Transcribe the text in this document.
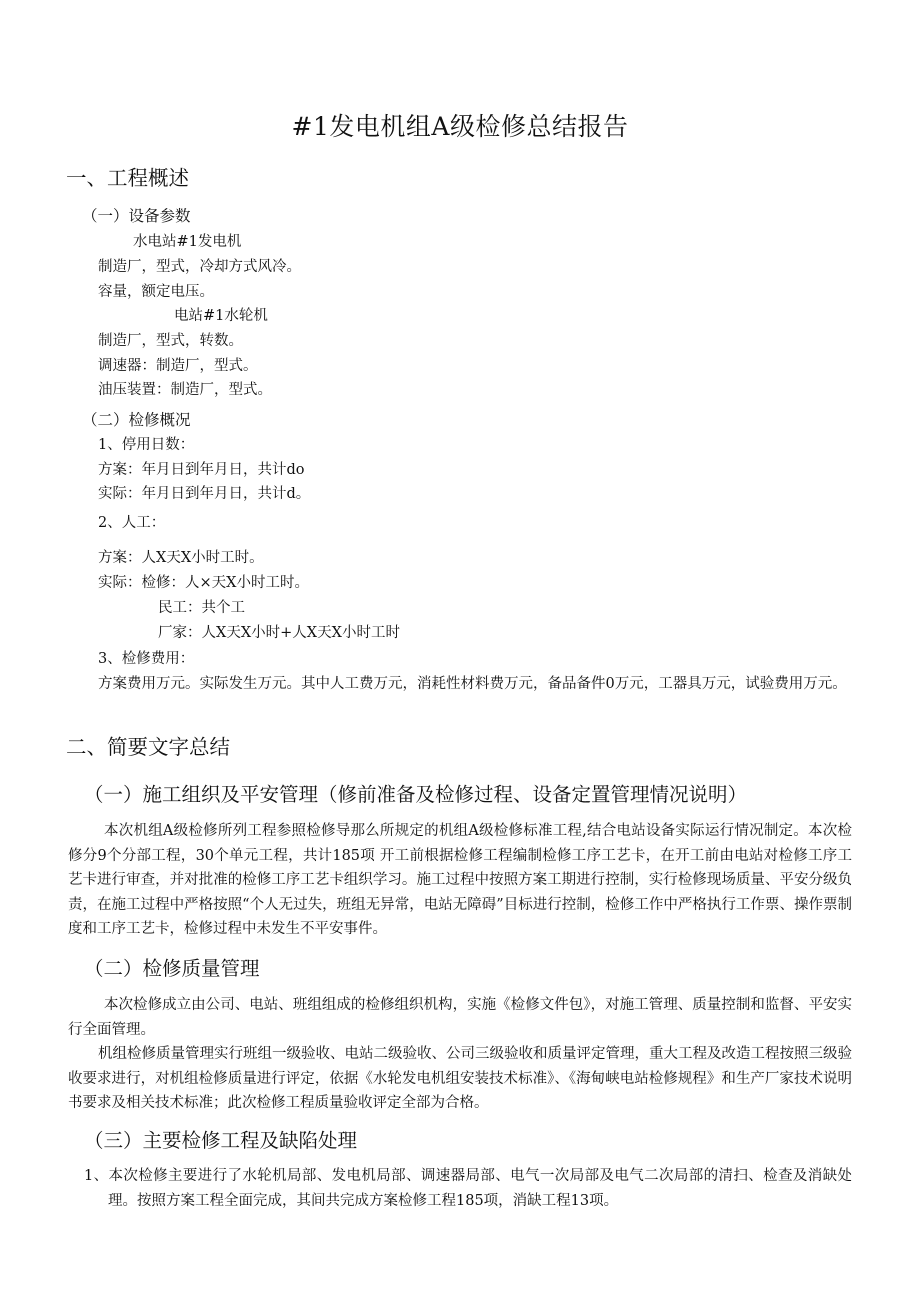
#1发电机组A级检修总结报告
一、工程概述
（一）设备参数
水电站#1发电机
制造厂，型式，冷却方式风冷。
容量，额定电压。
电站#1水轮机
制造厂，型式，转数。
调速器：制造厂，型式。
油压装置：制造厂，型式。
（二）检修概况
1、停用日数：
方案：年月日到年月日，共计do
实际：年月日到年月日，共计d。
2、人工：
方案：人X天X小时工时。
实际：检修：人×天X小时工时。
民工：共个工
厂家：人X天X小时+人X天X小时工时
3、检修费用：
方案费用万元。实际发生万元。其中人工费万元，消耗性材料费万元，备品备件0万元，工器具万元，试验费用万元。
二、简要文字总结
（一）施工组织及平安管理（修前准备及检修过程、设备定置管理情况说明）
本次机组A级检修所列工程参照检修导那么所规定的机组A级检修标准工程,结合电站设备实际运行情况制定。本次检修分9个分部工程，30个单元工程，共计185项 开工前根据检修工程编制检修工序工艺卡，在开工前由电站对检修工序工艺卡进行审查，并对批准的检修工序工艺卡组织学习。施工过程中按照方案工期进行控制，实行检修现场质量、平安分级负责，在施工过程中严格按照“个人无过失，班组无异常，电站无障碍”目标进行控制，检修工作中严格执行工作票、操作票制度和工序工艺卡，检修过程中未发生不平安事件。
（二）检修质量管理
本次检修成立由公司、电站、班组组成的检修组织机构，实施《检修文件包》，对施工管理、质量控制和监督、平安实行全面管理。
机组检修质量管理实行班组一级验收、电站二级验收、公司三级验收和质量评定管理，重大工程及改造工程按照三级验收要求进行，对机组检修质量进行评定，依据《水轮发电机组安装技术标准》、《海甸峡电站检修规程》和生产厂家技术说明书要求及相关技术标准；此次检修工程质量验收评定全部为合格。
（三）主要检修工程及缺陷处理
1、本次检修主要进行了水轮机局部、发电机局部、调速器局部、电气一次局部及电气二次局部的清扫、检查及消缺处理。按照方案工程全面完成，其间共完成方案检修工程185项，消缺工程13项。
